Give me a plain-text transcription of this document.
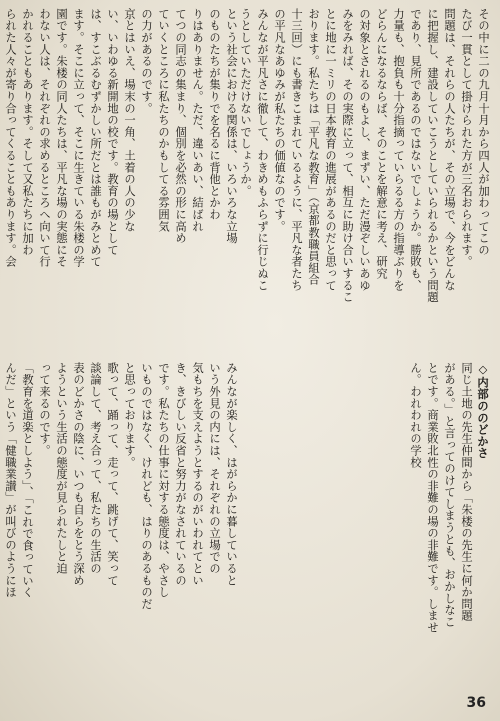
その中に二の九月十月から四人が加わってこの
たび一貫として掛けられた方が三名おられます。
問題は、それらの人たちが、その立場で、今をどんな
に把握し、建設していこうとしていられるかという問題
であり、見所であるのではないでしょうか。勝敗も、
力量も、抱負も十分指摘っていらるる方の指導ぶりを
どらんになるならば、そのことを解意に考え、研究
の対象とされるのもよし、まずい、ただ漫ぞしいあゆ
みをみれば、その実際に立って、相互に助け合いするこ
とに地に一ミリの日本教育の進展があるのだと思って
おります。私たちは「平凡な教育」（京都教職員組合
十三回）にも書きこまれているように、平凡な者たち
の平凡なあゆみが私たちの価値なのです。
みんなが平凡さに徹して、わきめもふらずに行じぬこ
うとしていただけないでしょうか。
◇内部ののどかさ
同じ土地の先生仲間から「朱楼の先生に何か問題
がある。」と言ってのけてしまうとも、おかしなこ
とです。商業敗北性の非難の場の非難です。しませ
ん。われわれの学校
という社会における関係は、いろいろな立場
のものたちが集りでを名るに背他とかわ
りはありません。ただ、違いあい、結ばれ
てつの同志の集まり、個別を必然の形に高め
ていくところに私たちのかもしてる雰囲気
の力があるのです。
京とはいえ、場末の一角、土着の人の少な
い、いわゆる新開地の校です。教育の場として
は、すこぶるむずかしい所だとは誰もがみとめて
ます。そこに立って、そこに生きている朱楼の学
園です。朱楼の同人たちは、平凡な場の実態にそ
わない人は、それぞれの求めるところへ向いて行
かれることもあります。そして又私たちに加わ
られた人々が寄り合ってくることもあります。会
みんなが楽しく、はがらかに暮していると
いう外見の内には、それぞれの立場での
気もちを支えようとするのがいわれてとい
き、きびしい反省と努力がなされているの
です。私たちの仕事に対する態度は、やさし
いものではなく、けれども、はりのあるものだ
と思っております。
歌って、踊って、走って、跳げて、笑って
談論して、考え合って、私たちの生活の
表のどかさの陰に、いつも自らをとう深め
ようという生活の態度が見られたしと迫
って来るのです。
「教育を道楽としよう」、「これで食っていく
んだ」という「健職業讃」が叫びのようにほ
36
